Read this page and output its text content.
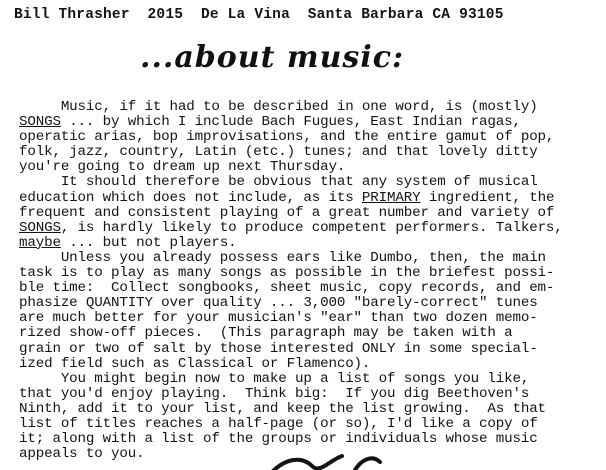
Bill Thrasher 2015 De La Vina Santa Barbara CA 93105
...about music:
Music, if it had to be described in one word, is (mostly)
SONGS ... by which I include Bach Fugues, East Indian ragas,
operatic arias, bop improvisations, and the entire gamut of pop,
folk, jazz, country, Latin (etc.) tunes; and that lovely ditty
you're going to dream up next Thursday.
It should therefore be obvious that any system of musical
education which does not include, as its PRIMARY ingredient, the
frequent and consistent playing of a great number and variety of
SONGS, is hardly likely to produce competent performers. Talkers,
maybe ... but not players.
Unless you already possess ears like Dumbo, then, the main
task is to play as many songs as possible in the briefest possi-
ble time:  Collect songbooks, sheet music, copy records, and em-
phasize QUANTITY over quality ... 3,000 "barely-correct" tunes
are much better for your musician's "ear" than two dozen memo-
rized show-off pieces.  (This paragraph may be taken with a
grain or two of salt by those interested ONLY in some special-
ized field such as Classical or Flamenco).
You might begin now to make up a list of songs you like,
that you'd enjoy playing.  Think big:  If you dig Beethoven's
Ninth, add it to your list, and keep the list growing.  As that
list of titles reaches a half-page (or so), I'd like a copy of
it; along with a list of the groups or individuals whose music
appeals to you.
